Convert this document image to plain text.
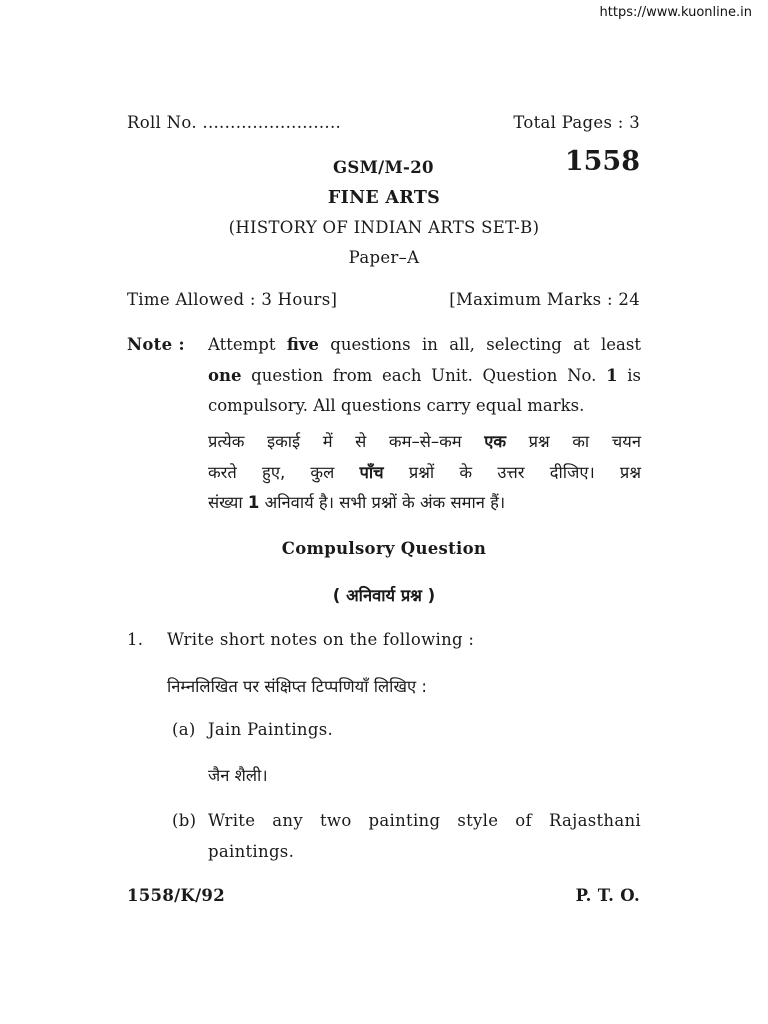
https://www.kuonline.in
Roll No. .........................	Total Pages : 3
GSM/M-20	1558
FINE ARTS
(HISTORY OF INDIAN ARTS SET-B)
Paper–A
Time Allowed : 3 Hours]	[Maximum Marks : 24
Note : Attempt five questions in all, selecting at least
one question from each Unit. Question No. 1 is
compulsory. All questions carry equal marks.
प्रत्येक इकाई में से कम–से–कम एक प्रश्न का चयन
करते हुए, कुल पाँच प्रश्नों के उत्तर दीजिए। प्रश्न
संख्या 1 अनिवार्य है। सभी प्रश्नों के अंक समान हैं।
Compulsory Question
( अनिवार्य प्रश्न )
1. Write short notes on the following :
निम्नलिखित पर संक्षिप्त टिप्पणियाँ लिखिए :
(a) Jain Paintings.
जैन शैली।
(b) Write any two painting style of Rajasthani
paintings.
1558/K/92	P. T. O.
